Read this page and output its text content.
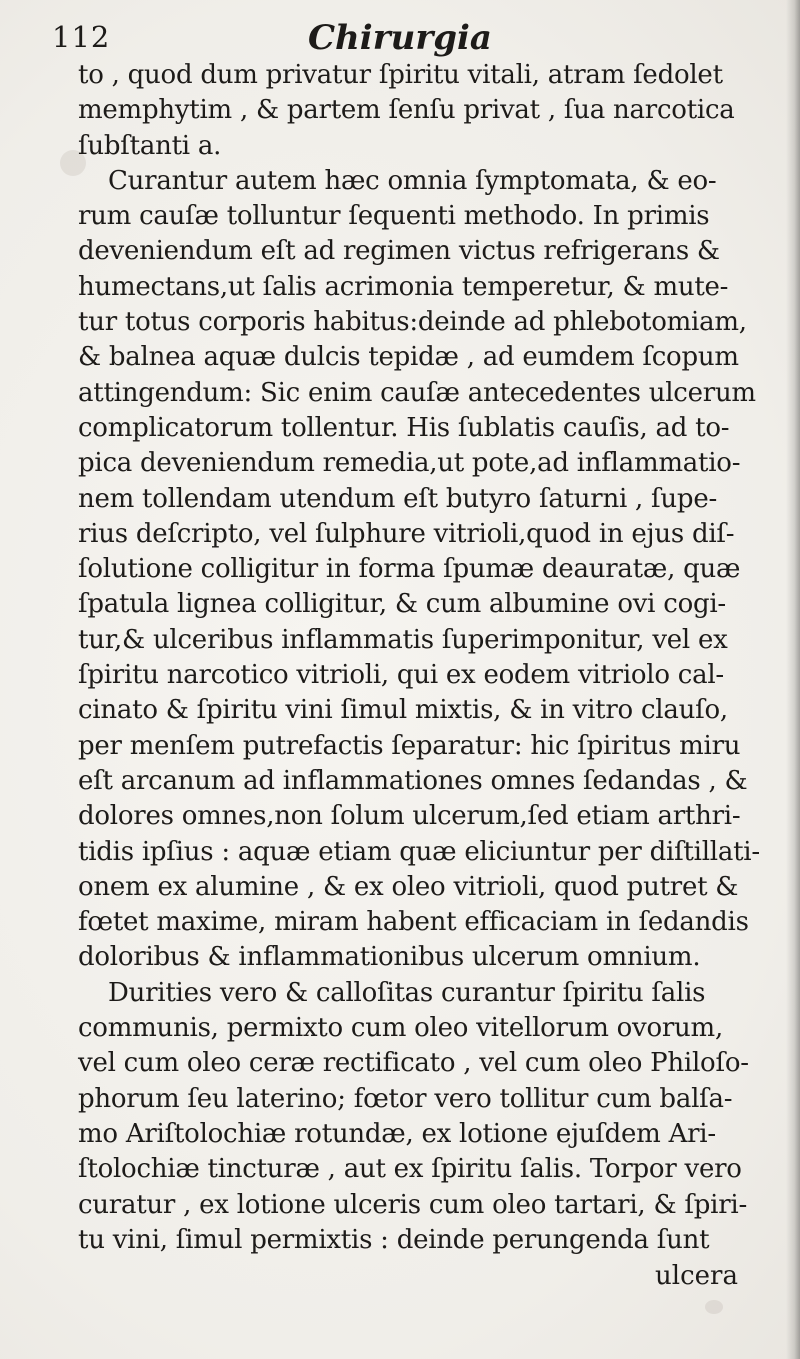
112	Chirurgia
to , quod dum privatur ſpiritu vitali, atram ſedolet
memphytim , & partem ſenſu privat , ſua narcotica
ſubſtanti a.
Curantur autem hæc omnia ſymptomata, & eo-
rum cauſæ tolluntur ſequenti methodo. In primis
deveniendum eſt ad regimen victus refrigerans &
humectans,ut ſalis acrimonia temperetur, & mute-
tur totus corporis habitus:deinde ad phlebotomiam,
& balnea aquæ dulcis tepidæ , ad eumdem ſcopum
attingendum: Sic enim cauſæ antecedentes ulcerum
complicatorum tollentur. His ſublatis cauſis, ad to-
pica deveniendum remedia,ut pote,ad inflammatio-
nem tollendam utendum eſt butyro ſaturni , ſupe-
rius deſcripto, vel ſulphure vitrioli,quod in ejus diſ-
ſolutione colligitur in forma ſpumæ deauratæ, quæ
ſpatula lignea colligitur, & cum albumine ovi cogi-
tur,& ulceribus inflammatis ſuperimponitur, vel ex
ſpiritu narcotico vitrioli, qui ex eodem vitriolo cal-
cinato & ſpiritu vini ſimul mixtis, & in vitro clauſo,
per menſem putrefactis ſeparatur: hic ſpiritus miru
eſt arcanum ad inflammationes omnes ſedandas , &
dolores omnes,non ſolum ulcerum,ſed etiam arthri-
tidis ipſius : aquæ etiam quæ eliciuntur per diſtillati-
onem ex alumine , & ex oleo vitrioli, quod putret &
fœtet maxime, miram habent efficaciam in ſedandis
doloribus & inflammationibus ulcerum omnium.
Durities vero & calloſitas curantur ſpiritu ſalis
communis, permixto cum oleo vitellorum ovorum,
vel cum oleo ceræ rectificato , vel cum oleo Philoſo-
phorum ſeu laterino; fœtor vero tollitur cum balſa-
mo Ariſtolochiæ rotundæ, ex lotione ejuſdem Ari-
ſtolochiæ tincturæ , aut ex ſpiritu ſalis. Torpor vero
curatur , ex lotione ulceris cum oleo tartari, & ſpiri-
tu vini, ſimul permixtis : deinde perungenda ſunt
ulcera
